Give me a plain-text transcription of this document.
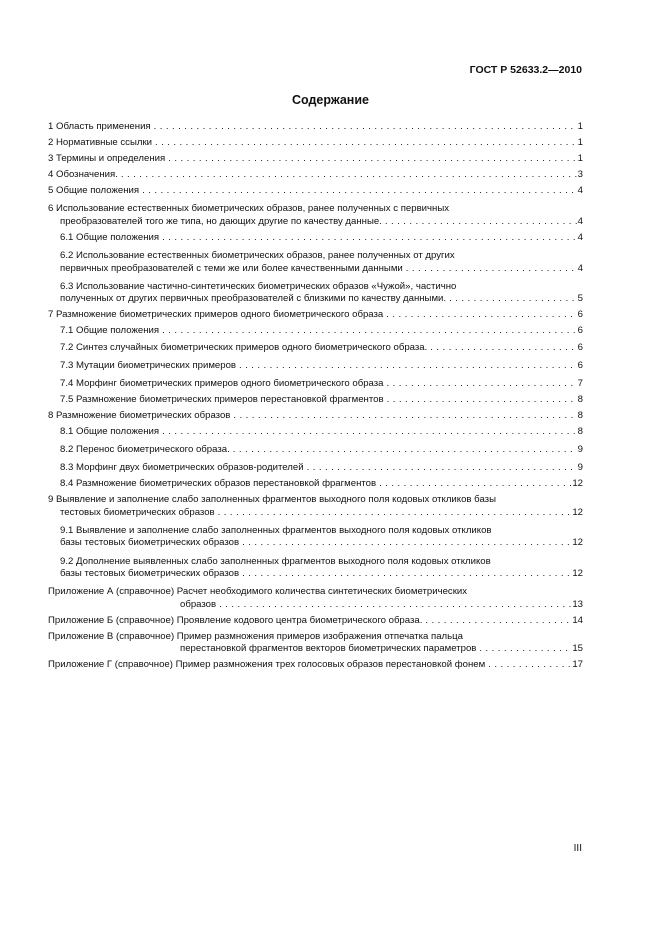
ГОСТ Р 52633.2—2010
Содержание
1 Область применения . . .	1
2 Нормативные ссылки . . .	1
3 Термины и определения . . .	1
4 Обозначения. . . .	3
5 Общие положения . . .	4
6 Использование естественных биометрических образов, ранее полученных с первичных
преобразователей того же типа, но дающих другие по качеству данные. . . .	4
6.1 Общие положения . . .	4
6.2 Использование естественных биометрических образов, ранее полученных от других
первичных преобразователей с теми же или более качественными данными . . .	4
6.3 Использование частично-синтетических биометрических образов «Чужой», частично
полученных от других первичных преобразователей с близкими по качеству данными. . . .	5
7 Размножение биометрических примеров одного биометрического образа . . .	6
7.1 Общие положения . . .	6
7.2 Синтез случайных биометрических примеров одного биометрического образа. . . .	6
7.3 Мутации биометрических примеров . . .	6
7.4 Морфинг биометрических примеров одного биометрического образа . . .	7
7.5 Размножение биометрических примеров перестановкой фрагментов . . .	8
8 Размножение биометрических образов . . .	8
8.1 Общие положения . . .	8
8.2 Перенос биометрического образа. . . .	9
8.3 Морфинг двух биометрических образов-родителей . . .	9
8.4 Размножение биометрических образов перестановкой фрагментов . . .	12
9 Выявление и заполнение слабо заполненных фрагментов выходного поля кодовых откликов базы
тестовых биометрических образов . . .	12
9.1 Выявление и заполнение слабо заполненных фрагментов выходного поля кодовых откликов
базы тестовых биометрических образов . . .	12
9.2 Дополнение выявленных слабо заполненных фрагментов выходного поля кодовых откликов
базы тестовых биометрических образов . . .	12
Приложение А (справочное) Расчет необходимого количества синтетических биометрических
образов . . .	13
Приложение Б (справочное) Проявление кодового центра биометрического образа. . . .	14
Приложение В (справочное) Пример размножения примеров изображения отпечатка пальца
перестановкой фрагментов векторов биометрических параметров . . .	15
Приложение Г (справочное) Пример размножения трех голосовых образов перестановкой фонем . . .	17
III
